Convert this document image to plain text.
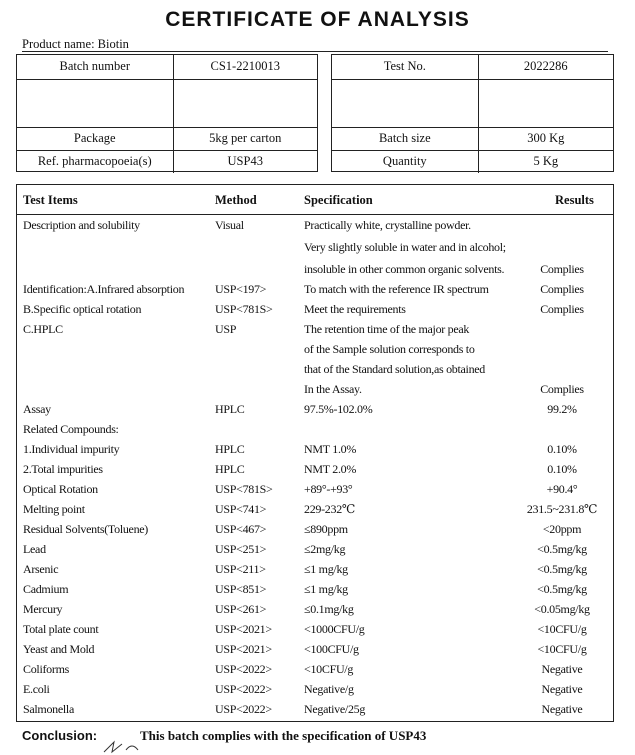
CERTIFICATE OF ANALYSIS
Product name: Biotin
Batch number	CS1-2210013

Package	5kg per carton
Ref. pharmacopoeia(s)	USP43
Test No.	2022286

Batch size	300 Kg
Quantity	5 Kg
Test Items	Method	Specification	Results
Description and solubility	Visual	Practically white, crystalline powder.
Very slightly soluble in water and in alcohol;
insoluble in other common organic solvents.	Complies
Identification:A.Infrared absorption	USP<197>	To match with the reference IR spectrum	Complies
B.Specific optical rotation	USP<781S>	Meet the requirements	Complies
C.HPLC	USP	The retention time of the major peak
of the Sample solution corresponds to
that of the Standard solution,as obtained
In the Assay.	Complies
Assay	HPLC	97.5%-102.0%	99.2%
Related Compounds:
1.Individual impurity	HPLC	NMT 1.0%	0.10%
2.Total impurities	HPLC	NMT 2.0%	0.10%
Optical Rotation	USP<781S>	+89°-+93°	+90.4°
Melting point	USP<741>	229-232℃	231.5~231.8℃
Residual Solvents(Toluene)	USP<467>	≤890ppm	<20ppm
Lead	USP<251>	≤2mg/kg	<0.5mg/kg
Arsenic	USP<211>	≤1 mg/kg	<0.5mg/kg
Cadmium	USP<851>	≤1 mg/kg	<0.5mg/kg
Mercury	USP<261>	≤0.1mg/kg	<0.05mg/kg
Total plate count	USP<2021>	<1000CFU/g	<10CFU/g
Yeast and Mold	USP<2021>	<100CFU/g	<10CFU/g
Coliforms	USP<2022>	<10CFU/g	Negative
E.coli	USP<2022>	Negative/g	Negative
Salmonella	USP<2022>	Negative/25g	Negative
Conclusion:	This batch complies with the specification of USP43
